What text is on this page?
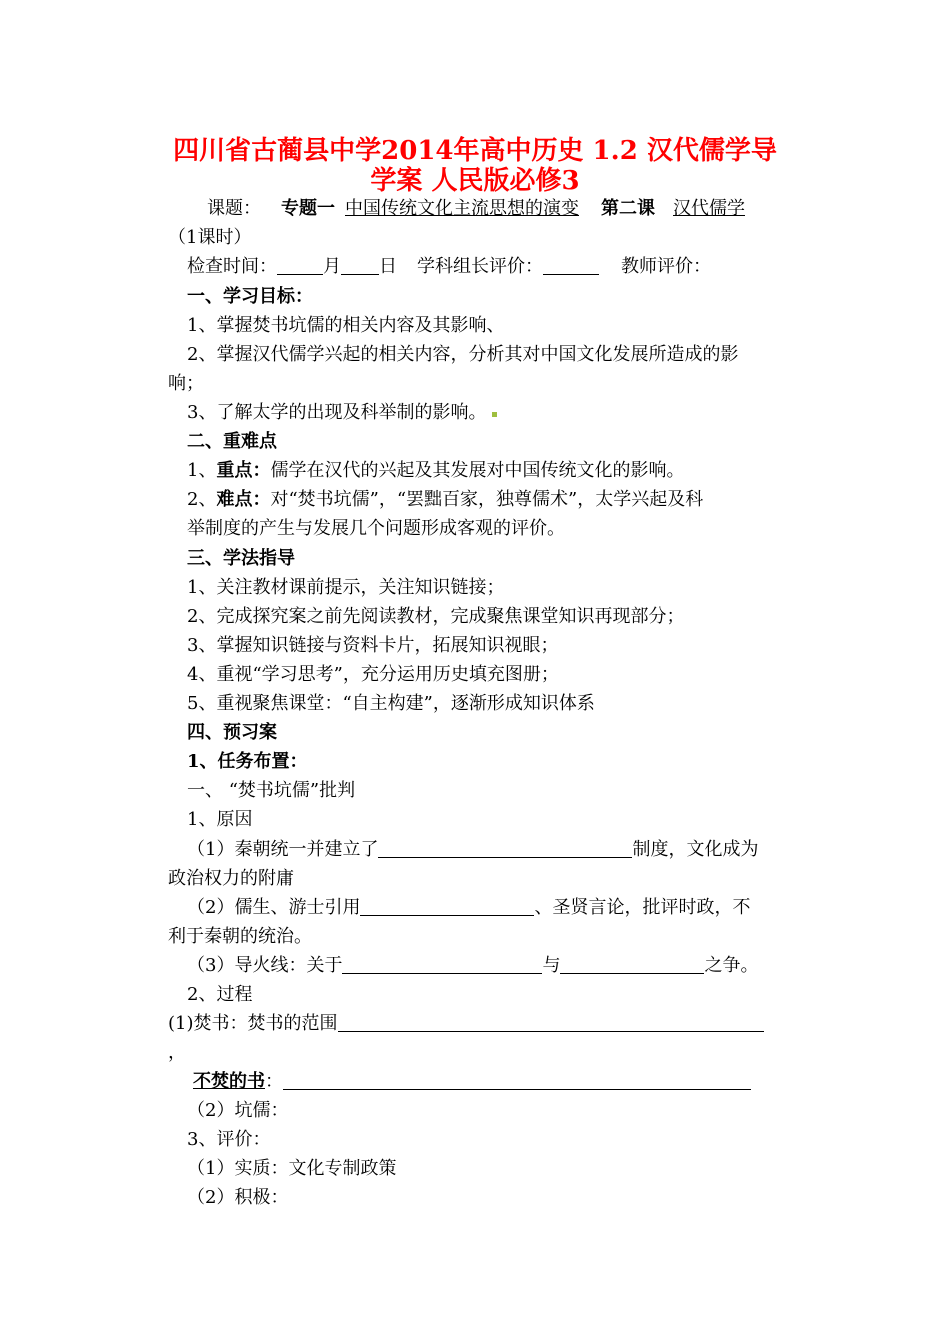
四川省古蔺县中学2014年高中历史 1.2 汉代儒学导
学案 人民版必修3
课题： 专题一 中国传统文化主流思想的演变 第二课 汉代儒学
（1课时）
检查时间：	月 日 学科组长评价：	教师评价：
一、学习目标：
1、掌握焚书坑儒的相关内容及其影响、
2、掌握汉代儒学兴起的相关内容，分析其对中国文化发展所造成的影
响；
3、了解太学的出现及科举制的影响。
二、重难点
1、重点：儒学在汉代的兴起及其发展对中国传统文化的影响。
2、难点：对“焚书坑儒”，“罢黜百家，独尊儒术”，太学兴起及科
举制度的产生与发展几个问题形成客观的评价。
三、学法指导
1、关注教材课前提示，关注知识链接；
2、完成探究案之前先阅读教材，完成聚焦课堂知识再现部分；
3、掌握知识链接与资料卡片，拓展知识视眼；
4、重视“学习思考”，充分运用历史填充图册；
5、重视聚焦课堂：“自主构建”，逐渐形成知识体系
四、预习案
1、任务布置：
一、 “焚书坑儒”批判
1、原因
（1）秦朝统一并建立了	制度，文化成为
政治权力的附庸
（2）儒生、游士引用	、圣贤言论，批评时政，不
利于秦朝的统治。
（3）导火线：关于	与	之争。
2、过程
(1)焚书：焚书的范围
，
不焚的书：
（2）坑儒：
3、评价：
（1）实质：文化专制政策
（2）积极：
